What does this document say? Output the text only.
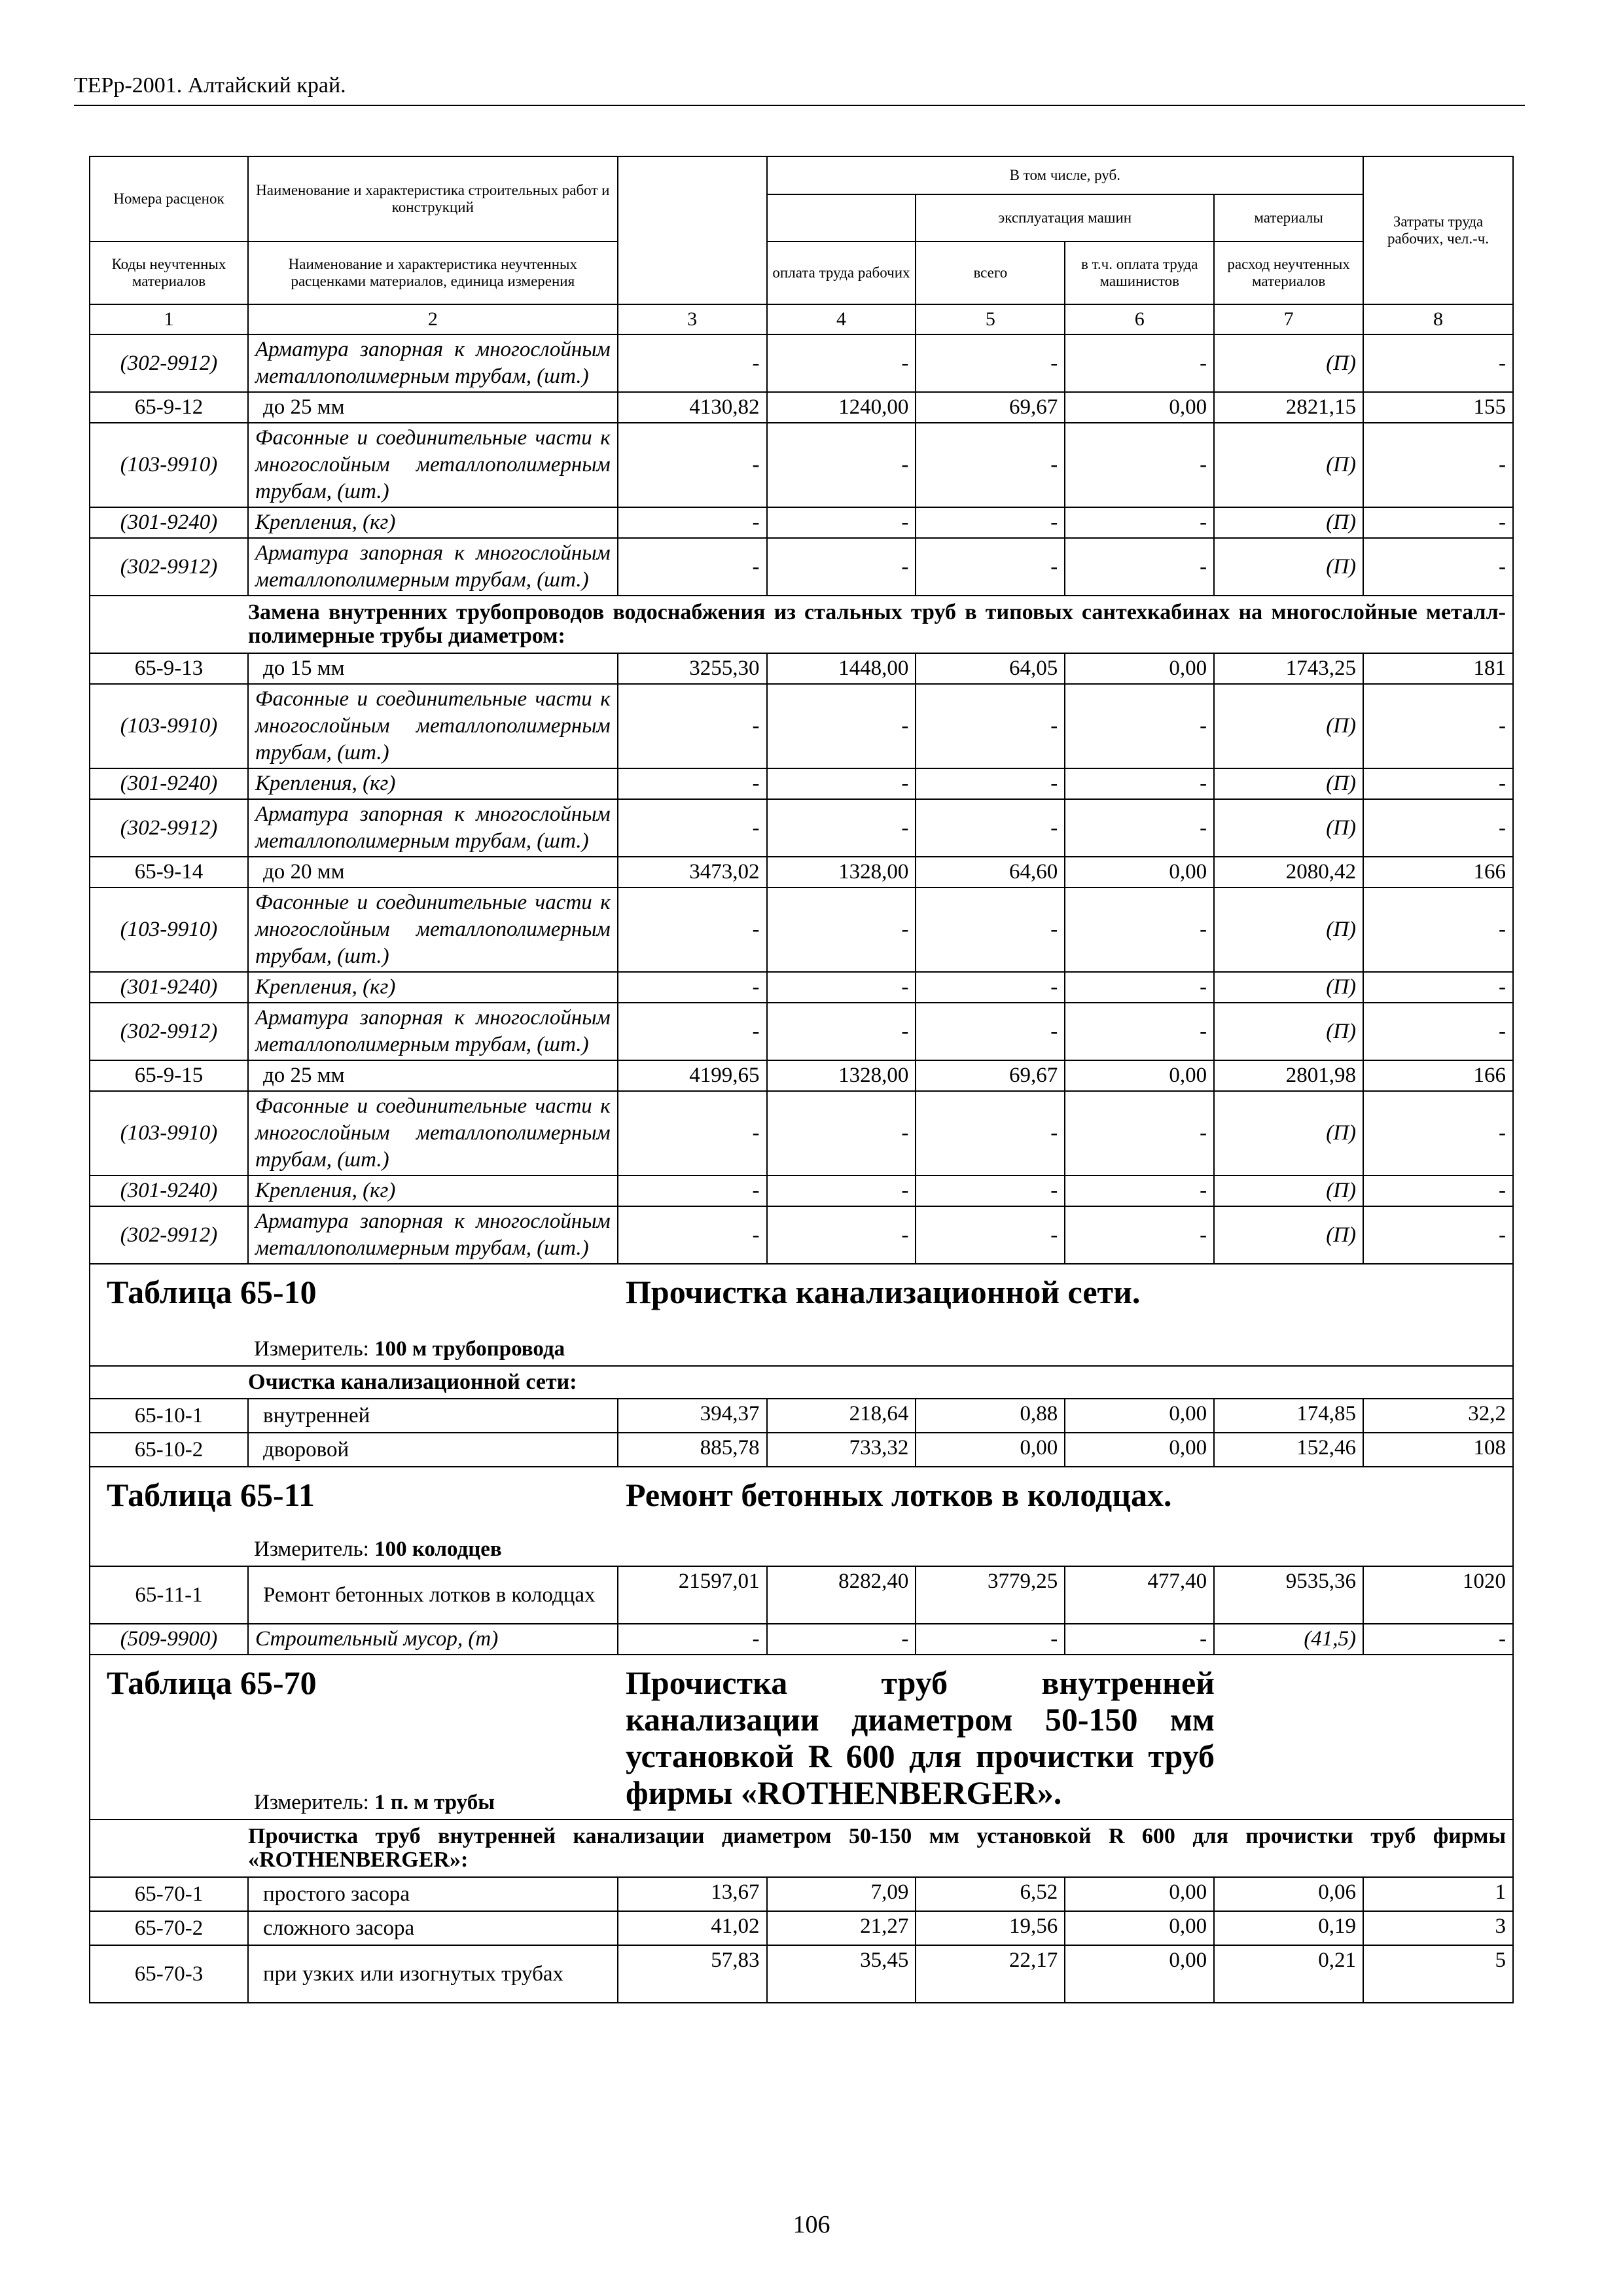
ТЕРр-2001. Алтайский край.
Номера расценок	Наименование и характеристика строительных работ и конструкций		В том числе, руб.				Затраты труда рабочих, чел.-ч.
				эксплуатация машин		материалы	
Коды неучтенных материалов	Наименование и характеристика неучтенных расценками материалов, единица измерения		оплата труда рабочих	всего	в т.ч. оплата труда машинистов	расход неучтенных материалов	
1	2	3	4	5	6	7	8
(302-9912)	Арматура запорная к многослойным металлополимерным трубам, (шт.)	-	-	-	-	(П)	-
65-9-12	до 25 мм	4130,82	1240,00	69,67	0,00	2821,15	155
(103-9910)	Фасонные и соединительные части к многослойным металлополимерным трубам, (шт.)	-	-	-	-	(П)	-
(301-9240)	Крепления, (кг)	-	-	-	-	(П)	-
(302-9912)	Арматура запорная к многослойным металлополимерным трубам, (шт.)	-	-	-	-	(П)	-
	Замена внутренних трубопроводов водоснабжения из стальных труб в типовых сантехкабинах на многослойные металл-полимерные трубы диаметром:						
65-9-13	до 15 мм	3255,30	1448,00	64,05	0,00	1743,25	181
(103-9910)	Фасонные и соединительные части к многослойным металлополимерным трубам, (шт.)	-	-	-	-	(П)	-
(301-9240)	Крепления, (кг)	-	-	-	-	(П)	-
(302-9912)	Арматура запорная к многослойным металлополимерным трубам, (шт.)	-	-	-	-	(П)	-
65-9-14	до 20 мм	3473,02	1328,00	64,60	0,00	2080,42	166
(103-9910)	Фасонные и соединительные части к многослойным металлополимерным трубам, (шт.)	-	-	-	-	(П)	-
(301-9240)	Крепления, (кг)	-	-	-	-	(П)	-
(302-9912)	Арматура запорная к многослойным металлополимерным трубам, (шт.)	-	-	-	-	(П)	-
65-9-15	до 25 мм	4199,65	1328,00	69,67	0,00	2801,98	166
(103-9910)	Фасонные и соединительные части к многослойным металлополимерным трубам, (шт.)	-	-	-	-	(П)	-
(301-9240)	Крепления, (кг)	-	-	-	-	(П)	-
(302-9912)	Арматура запорная к многослойным металлополимерным трубам, (шт.)	-	-	-	-	(П)	-

Таблица 65-10 Прочистка канализационной сети.
Измеритель: 100 м трубопровода							

	Очистка канализационной сети:						
65-10-1	внутренней	394,37	218,64	0,88	0,00	174,85	32,2
65-10-2	дворовой	885,78	733,32	0,00	0,00	152,46	108

Таблица 65-11 Ремонт бетонных лотков в колодцах.
Измеритель: 100 колодцев							

65-11-1	Ремонт бетонных лотков в колодцах	21597,01	8282,40	3779,25	477,40	9535,36	1020
(509-9900)	Строительный мусор, (т)	-	-	-	-	(41,5)	-

Таблица 65-70 Прочистка труб внутренней канализации диаметром 50-150 мм установкой R 600 для прочистки труб фирмы «ROTHENBERGER».
Измеритель: 1 п. м трубы							

	Прочистка труб внутренней канализации диаметром 50-150 мм установкой R 600 для прочистки труб фирмы «ROTHENBERGER»:						
65-70-1	простого засора	13,67	7,09	6,52	0,00	0,06	1
65-70-2	сложного засора	41,02	21,27	19,56	0,00	0,19	3
65-70-3	при узких или изогнутых трубах	57,83	35,45	22,17	0,00	0,21	5
106
